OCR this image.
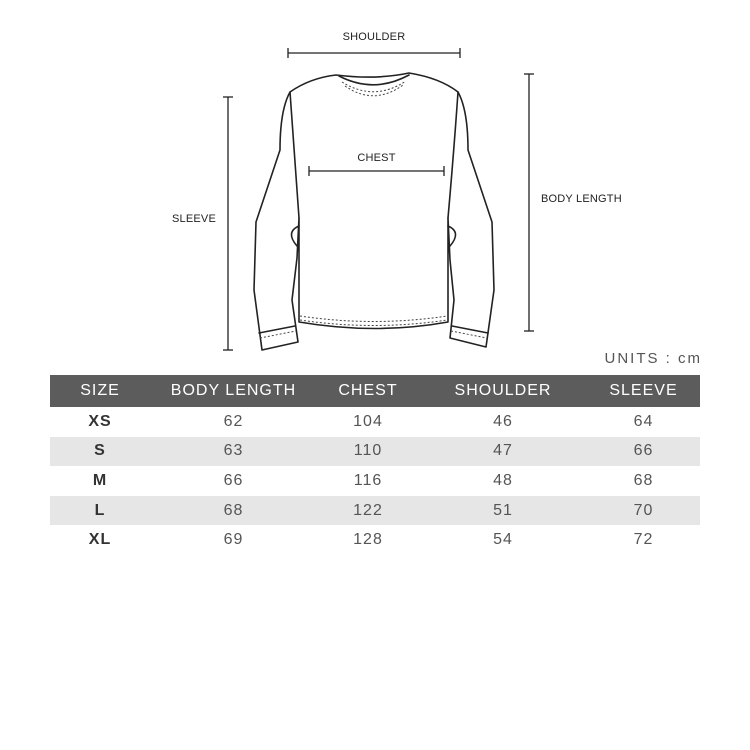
SHOULDER
CHEST
SLEEVE
BODY LENGTH
UNITS : cm
SIZE	BODY LENGTH	CHEST	SHOULDER	SLEEVE
XS	62	104	46	64
S	63	110	47	66
M	66	116	48	68
L	68	122	51	70
XL	69	128	54	72
